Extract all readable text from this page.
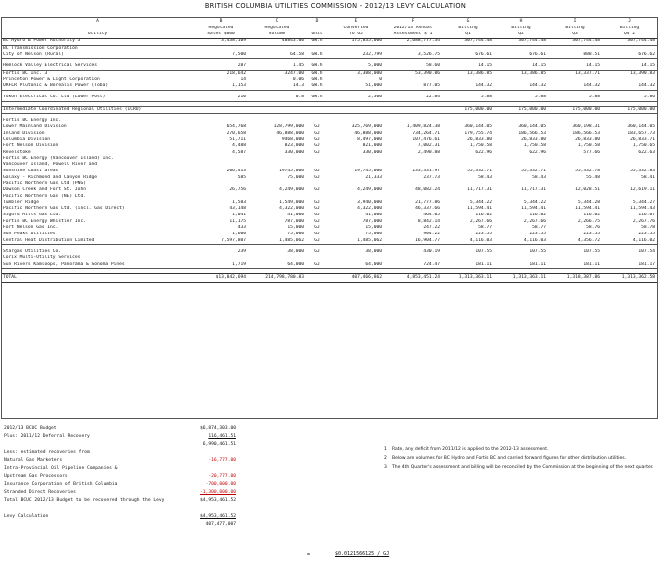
BRITISH COLUMBIA UTILITIES COMMISSION - 2012/13 LEVY CALCULATION
A	B	C	D	E	F	G	H	I	J
	Regulated	Regulated		Converted	2012/13 Annual	Billing	Billing	Billing	Billing
Utility	Sales $000	Volume	Unit	To GJ	Assessment $ 1	Q1	Q2	Q3	Q4 2
BC Hydro & Power Authority 3	3,438,109	48843.00	GW.h	175,835,000	2,688,777.34	307,744.48	307,744.48	307,744.48	307,744.48
BC Transmission Corporation									
City of Nelson (Rural)	7,500	64.58	GW.h	232,799	3,526.75	676.61	676.61	888.51	676.62

Hemlock Valley Electrical Services	287	1.45	GW.h	5,000	58.60	14.15	14.15	14.15	14.15
Fortis BC Inc. 3	218,642	3247.00	GW.h	3,388,000	53,390.86	13,386.85	13,386.85	13,337.71	13,390.83
Princeton Power & Light Corporation	14	0.06	GW.h	0					
ORFLR Plutonic & Borealis Power (Toba)	1,153	14.3	GW.h	51,000	877.05	144.32	144.32	144.32	144.32

Yukon Electrical Co. Ltd (Lower Post)	210	0.8	GW.h	2,300	22.84	5.88	5.88	5.88	5.86

Intermediate Coordinated Regional Utilities (ICRU)						175,000.00	175,000.00	175,000.00	175,000.00

Fortis BC Energy Inc.									
Lower Mainland Division	654,768	128,799,000	GJ	325,769,000	1,409,824.38	360,144.05	360,144.05	360,198.31	360,144.05
Inland Division	270,658	46,888,000	GJ	46,888,000	734,264.71	179,755.74	186,566.53	186,566.53	183,657.73
Columbia Division	51,711	9468,000	GJ	8,497,000	107,476.61	26,833.80	26,833.80	26,833.80	26,833.71
Fort Nelson Division	4,488	823,000	GJ	821,000	7,002.31	1,750.58	1,750.58	1,750.58	1,750.65
Revelstoke	4,587	330,000	GJ	330,000	2,490.88	622.96	622.96	577.66	622.63
Fortis BC Energy (Vancouver Island) Inc.									
Vancouver Island, Powell River and									
Sunshine Coast areas	206,413	19745,000	GJ	19,745,000	233,331.97	55,332.71	55,332.71	55,332.78	55,332.83
Galaxy - Richmond and Canyon Ridge	585	75,000	GJ	21,333	237.73	58.43	58.43	55.48	58.41
Pacific Northern Gas Ltd (PNG)									
Dawson Creek and Fort St. John	26,756	4,249,000	GJ	4,249,000	48,082.24	11,717.31	11,717.31	12,028.51	12,619.11
Pacific Northern Gas (NE) Ltd.									
Tumbler Ridge	1,583	1,549,000	GJ	3,940,000	21,777.86	5,344.22	5,344.22	5,344.28	5,344.27
Pacific Northern Gas Ltd. (incl. Gas Direct)	43,148	4,322,000	GJ	4,322,000	46,337.66	11,594.41	11,594.41	11,594.41	11,594.43
Sigurd Mills Gas Ltd.	1,041	41,000	GJ	41,000	464.05	116.02	116.02	116.02	116.07
Fortis BC Energy Whistler Inc.	11,175	787,000	GJ	787,000	8,842.14	2,267.66	2,267.66	2,266.75	2,267.76
Fort Nelson Gas Inc.	433	15,000	GJ	15,000	247.22	58.77	58.77	58.76	58.78
Sun Peaks Utilities	1,600	75,000	GJ	75,000	904.22	223.55	223.55	223.55	223.55
Central Heat Distribution Limited	7,597,807	1,485,062	GJ	1,485,062	16,904.77	4,116.03	4,116.03	4,356.72	4,116.02

Stargas Utilities Co.	239	38,000	GJ	38,000	430.19	107.55	107.55	107.55	107.54
Corix Multi-Utility Services									
Sun Rivers Kamloops, Panorama & Sonoma Pines	1,719	64,000	GJ	64,000	724.47	181.11	181.11	181.11	181.17

TOTAL	$13,842,694	214,798,780.83		407,466,862	4,853,451.24	1,313,363.11	1,313,363.11	1,318,387.86	1,313,362.58
2012/13 BCUC Budget	$6,874,303.00
Plus: 2011/12 Deferral Recovery	116,461.51
6,990,461.51
Less: estimated recoveries from
Natural Gas Marketers	-16,777.00
Intra-Provincial Oil Pipeline Companies &
Upstream Gas Processors	-20,777.00
Insurance Corporation of British Columbia	-700,000.00
Stranded Direct Recoveries	-1,300,000.00
Total BCUC 2012/13 Budget to be recovered through the Levy	$4,953,461.52
Levy Calculation	$4,953,461.52
407,477,007
1 Rate, any deficit from 2011/12 is applied to the 2012-13 assessment.
2 Below are volumes for BC Hydro and Fortis BC and carried forward figures for other distribution utilities.
3 The 4th Quarter's assessment and billing will be reconciled by the Commission at the beginning of the next quarter.
=	$0.0121566125 / GJ
